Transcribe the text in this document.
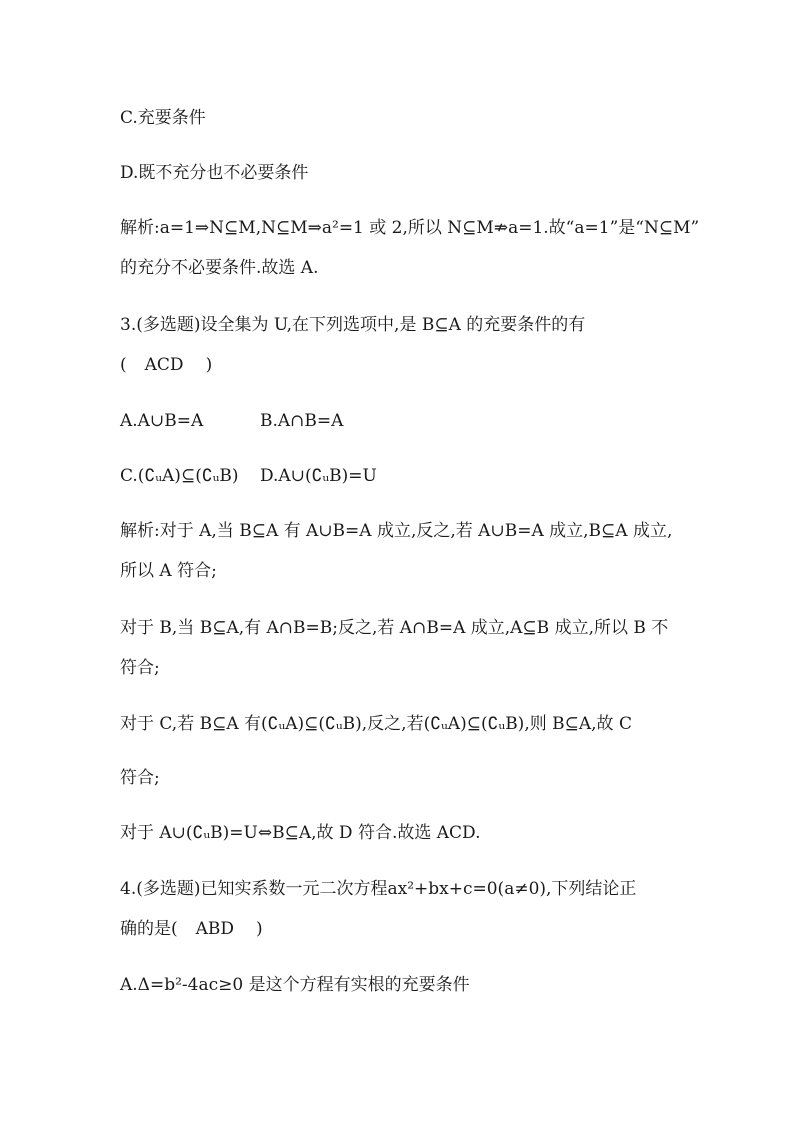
C.充要条件
D.既不充分也不必要条件
解析:a=1⇒N⊆M,N⊆M⇒a²=1 或 2,所以 N⊆M⇏a=1.故“a=1”是“N⊆M”
的充分不必要条件.故选 A.
3.(多选题)设全集为 U,在下列选项中,是 B⊆A 的充要条件的有
( ACD )
A.A∪B=A	B.A∩B=A
C.(∁ᵤA)⊆(∁ᵤB) D.A∪(∁ᵤB)=U
解析:对于 A,当 B⊆A 有 A∪B=A 成立,反之,若 A∪B=A 成立,B⊆A 成立,
所以 A 符合;
对于 B,当 B⊆A,有 A∩B=B;反之,若 A∩B=A 成立,A⊆B 成立,所以 B 不
符合;
对于 C,若 B⊆A 有(∁ᵤA)⊆(∁ᵤB),反之,若(∁ᵤA)⊆(∁ᵤB),则 B⊆A,故 C
符合;
对于 A∪(∁ᵤB)=U⇔B⊆A,故 D 符合.故选 ACD.
4.(多选题)已知实系数一元二次方程ax²+bx+c=0(a≠0),下列结论正
确的是( ABD )
A.Δ=b²-4ac≥0 是这个方程有实根的充要条件
